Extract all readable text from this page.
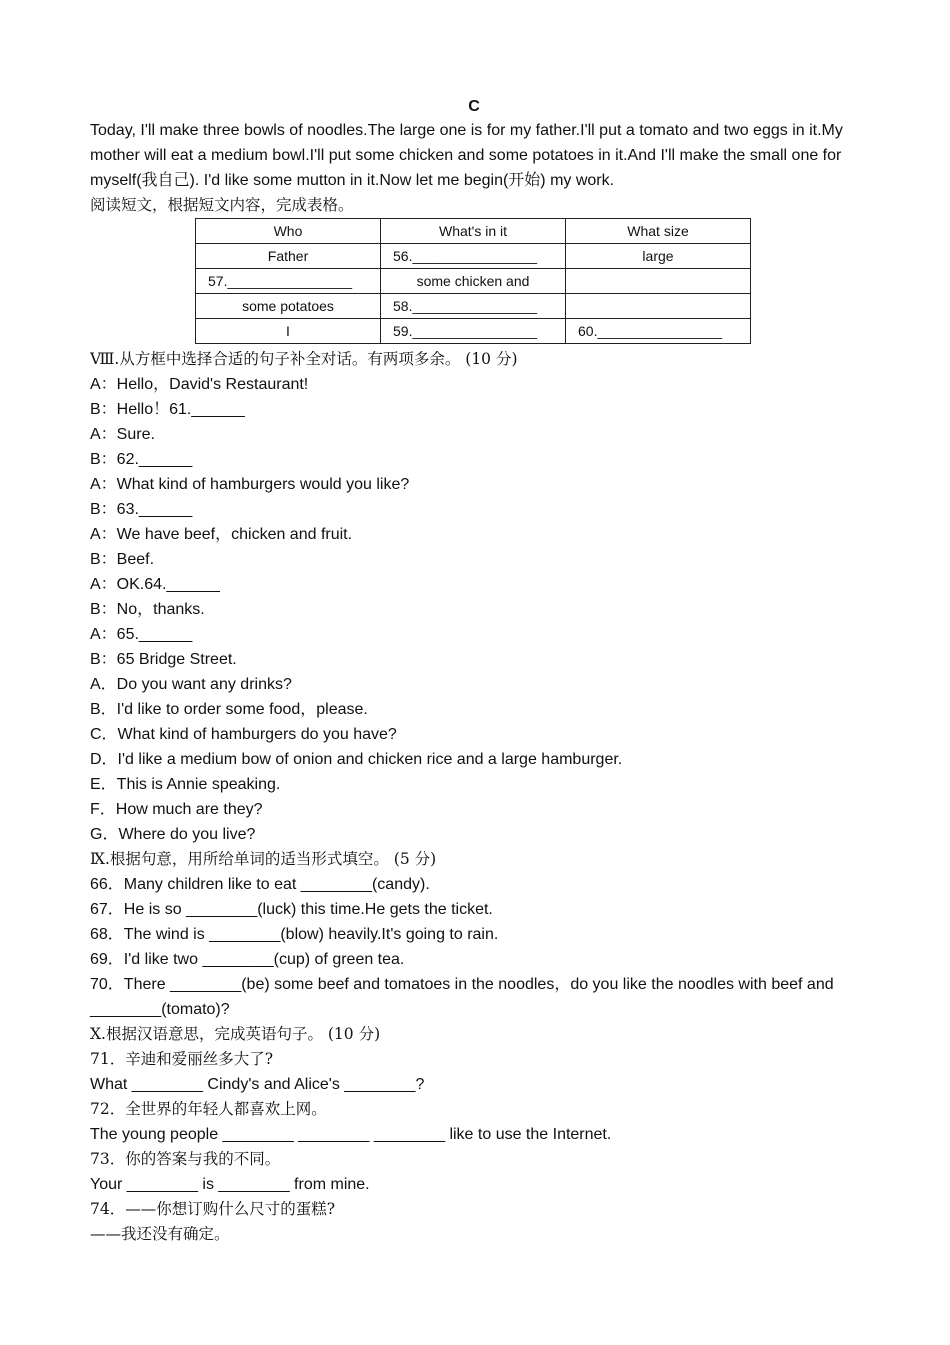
C

Today, I'll make three bowls of noodles.The large one is for my father.I'll put a tomato and two eggs in it.My mother will eat a medium bowl.I'll put some chicken and some potatoes in it.And I'll make the small one for myself(我自己). I'd like some mutton in it.Now let me begin(开始) my work.

阅读短文，根据短文内容，完成表格。
Who	What's in it	What size
Father	56.________________	large
57.________________	some chicken and	
some potatoes	58.________________	
I	59.________________	60.________________
Ⅷ.从方框中选择合适的句子补全对话。有两项多余。 (10 分)
A：Hello，David's Restaurant!
B：Hello！61.______
A：Sure.
B：62.______
A：What kind of hamburgers would you like?
B：63.______
A：We have beef，chicken and fruit.
B：Beef.
A：OK.64.______
B：No，thanks.
A：65.______
B：65 Bridge Street.
A．Do you want any drinks?
B．I'd like to order some food，please.
C．What kind of hamburgers do you have?
D．I'd like a medium bow of onion and chicken rice and a large hamburger.
E．This is Annie speaking.
F．How much are they?
G．Where do you live?
Ⅸ.根据句意，用所给单词的适当形式填空。 (5 分)
66．Many children like to eat ________(candy).
67．He is so ________(luck) this time.He gets the ticket.
68．The wind is ________(blow) heavily.It's going to rain.
69．I'd like two ________(cup) of green tea.
70．There ________(be) some beef and tomatoes in the noodles，do you like the noodles with beef and ________(tomato)?
Ⅹ.根据汉语意思，完成英语句子。 (10 分)
71．辛迪和爱丽丝多大了?
What ________ Cindy's and Alice's ________?
72．全世界的年轻人都喜欢上网。
The young people ________ ________ ________ like to use the Internet.
73．你的答案与我的不同。
Your ________ is ________ from mine.
74．——你想订购什么尺寸的蛋糕?
——我还没有确定。
